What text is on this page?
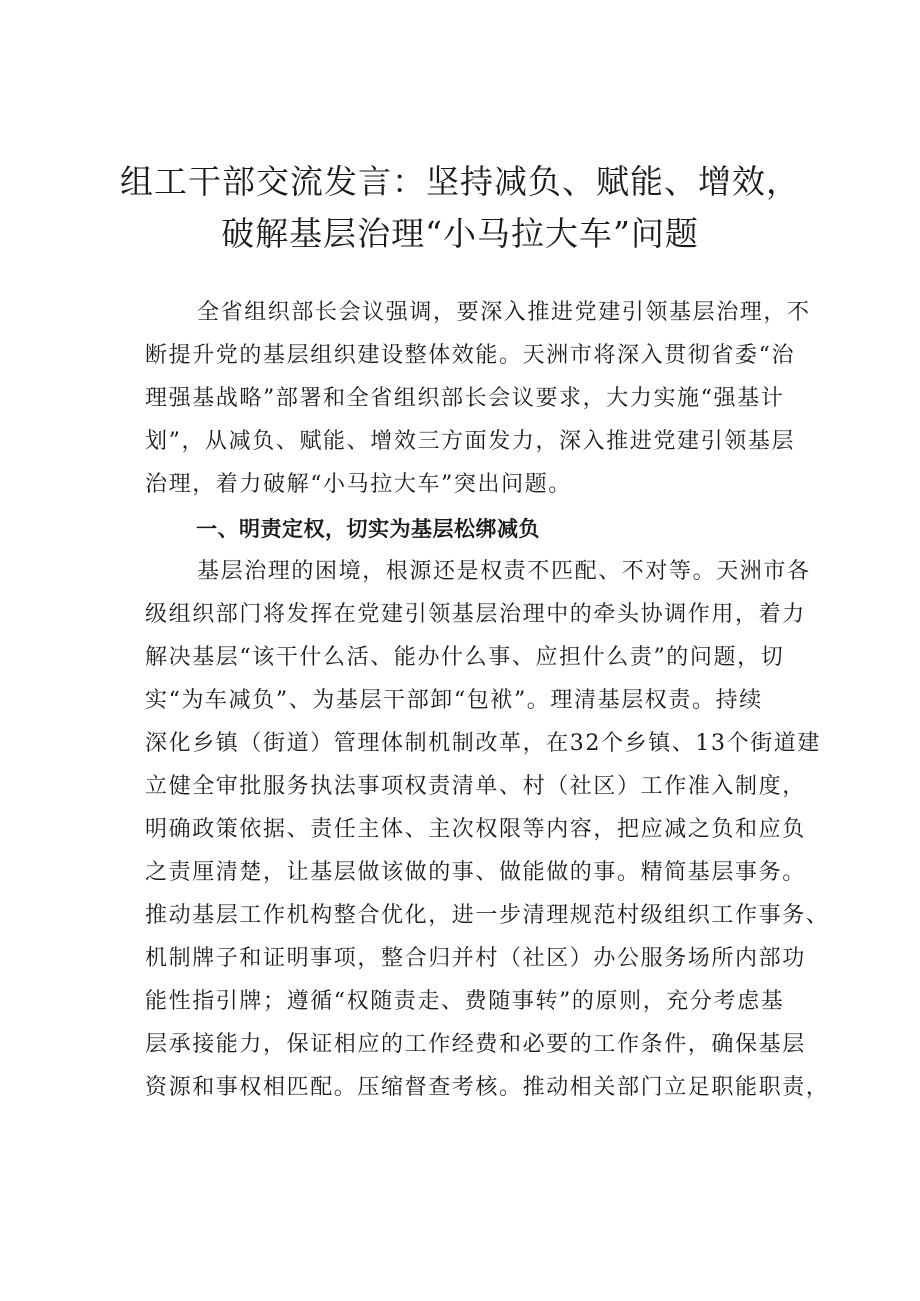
组工干部交流发言：坚持减负、赋能、增效，
破解基层治理“小马拉大车”问题

全省组织部长会议强调，要深入推进党建引领基层治理，不

断提升党的基层组织建设整体效能。天洲市将深入贯彻省委“治

理强基战略”部署和全省组织部长会议要求，大力实施“强基计

划”，从减负、赋能、增效三方面发力，深入推进党建引领基层

治理，着力破解“小马拉大车”突出问题。

一、明责定权，切实为基层松绑减负

基层治理的困境，根源还是权责不匹配、不对等。天洲市各

级组织部门将发挥在党建引领基层治理中的牵头协调作用，着力

解决基层“该干什么活、能办什么事、应担什么责”的问题，切

实“为车减负”、为基层干部卸“包袱”。理清基层权责。持续

深化乡镇（街道）管理体制机制改革，在32个乡镇、13个街道建

立健全审批服务执法事项权责清单、村（社区）工作准入制度，

明确政策依据、责任主体、主次权限等内容，把应减之负和应负

之责厘清楚，让基层做该做的事、做能做的事。精简基层事务。

推动基层工作机构整合优化，进一步清理规范村级组织工作事务、

机制牌子和证明事项，整合归并村（社区）办公服务场所内部功

能性指引牌；遵循“权随责走、费随事转”的原则，充分考虑基

层承接能力，保证相应的工作经费和必要的工作条件，确保基层

资源和事权相匹配。压缩督查考核。推动相关部门立足职能职责，
